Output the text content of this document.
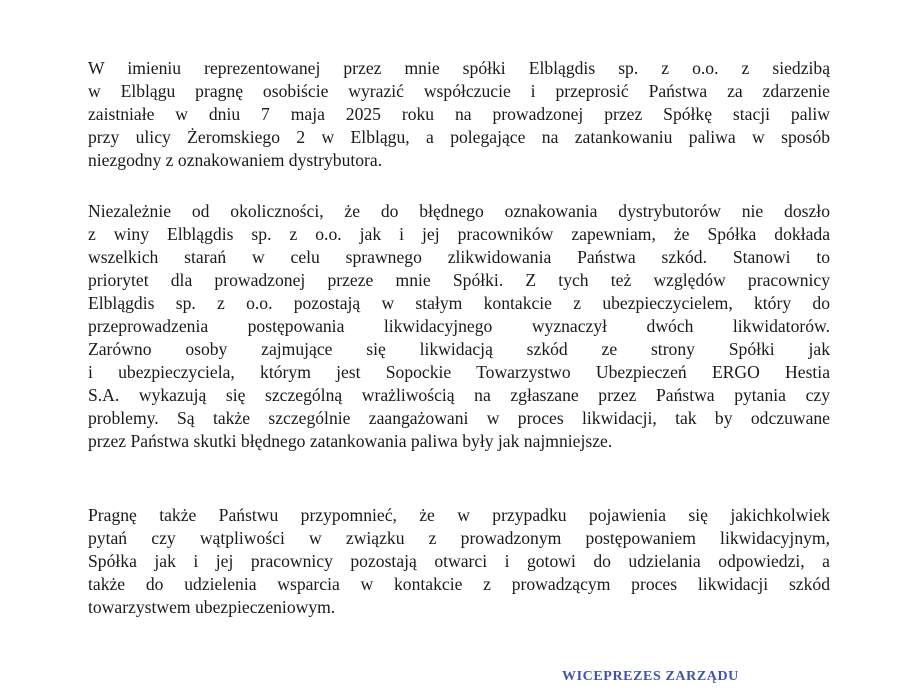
W imieniu reprezentowanej przez mnie spółki Elblągdis sp. z o.o. z siedzibą
w Elblągu pragnę osobiście wyrazić współczucie i przeprosić Państwa za zdarzenie
zaistniałe w dniu 7 maja 2025 roku na prowadzonej przez Spółkę stacji paliw
przy ulicy Żeromskiego 2 w Elblągu, a polegające na zatankowaniu paliwa w sposób
niezgodny z oznakowaniem dystrybutora.
Niezależnie od okoliczności, że do błędnego oznakowania dystrybutorów nie doszło
z winy Elblągdis sp. z o.o. jak i jej pracowników zapewniam, że Spółka dokłada
wszelkich starań w celu sprawnego zlikwidowania Państwa szkód. Stanowi to
priorytet dla prowadzonej przeze mnie Spółki. Z tych też względów pracownicy
Elblągdis sp. z o.o. pozostają w stałym kontakcie z ubezpieczycielem, który do
przeprowadzenia postępowania likwidacyjnego wyznaczył dwóch likwidatorów.
Zarówno osoby zajmujące się likwidacją szkód ze strony Spółki jak
i ubezpieczyciela, którym jest Sopockie Towarzystwo Ubezpieczeń ERGO Hestia
S.A. wykazują się szczególną wrażliwością na zgłaszane przez Państwa pytania czy
problemy. Są także szczególnie zaangażowani w proces likwidacji, tak by odczuwane
przez Państwa skutki błędnego zatankowania paliwa były jak najmniejsze.
Pragnę także Państwu przypomnieć, że w przypadku pojawienia się jakichkolwiek
pytań czy wątpliwości w związku z prowadzonym postępowaniem likwidacyjnym,
Spółka jak i jej pracownicy pozostają otwarci i gotowi do udzielania odpowiedzi, a
także do udzielenia wsparcia w kontakcie z prowadzącym proces likwidacji szkód
towarzystwem ubezpieczeniowym.
WICEPREZES ZARZĄDU
